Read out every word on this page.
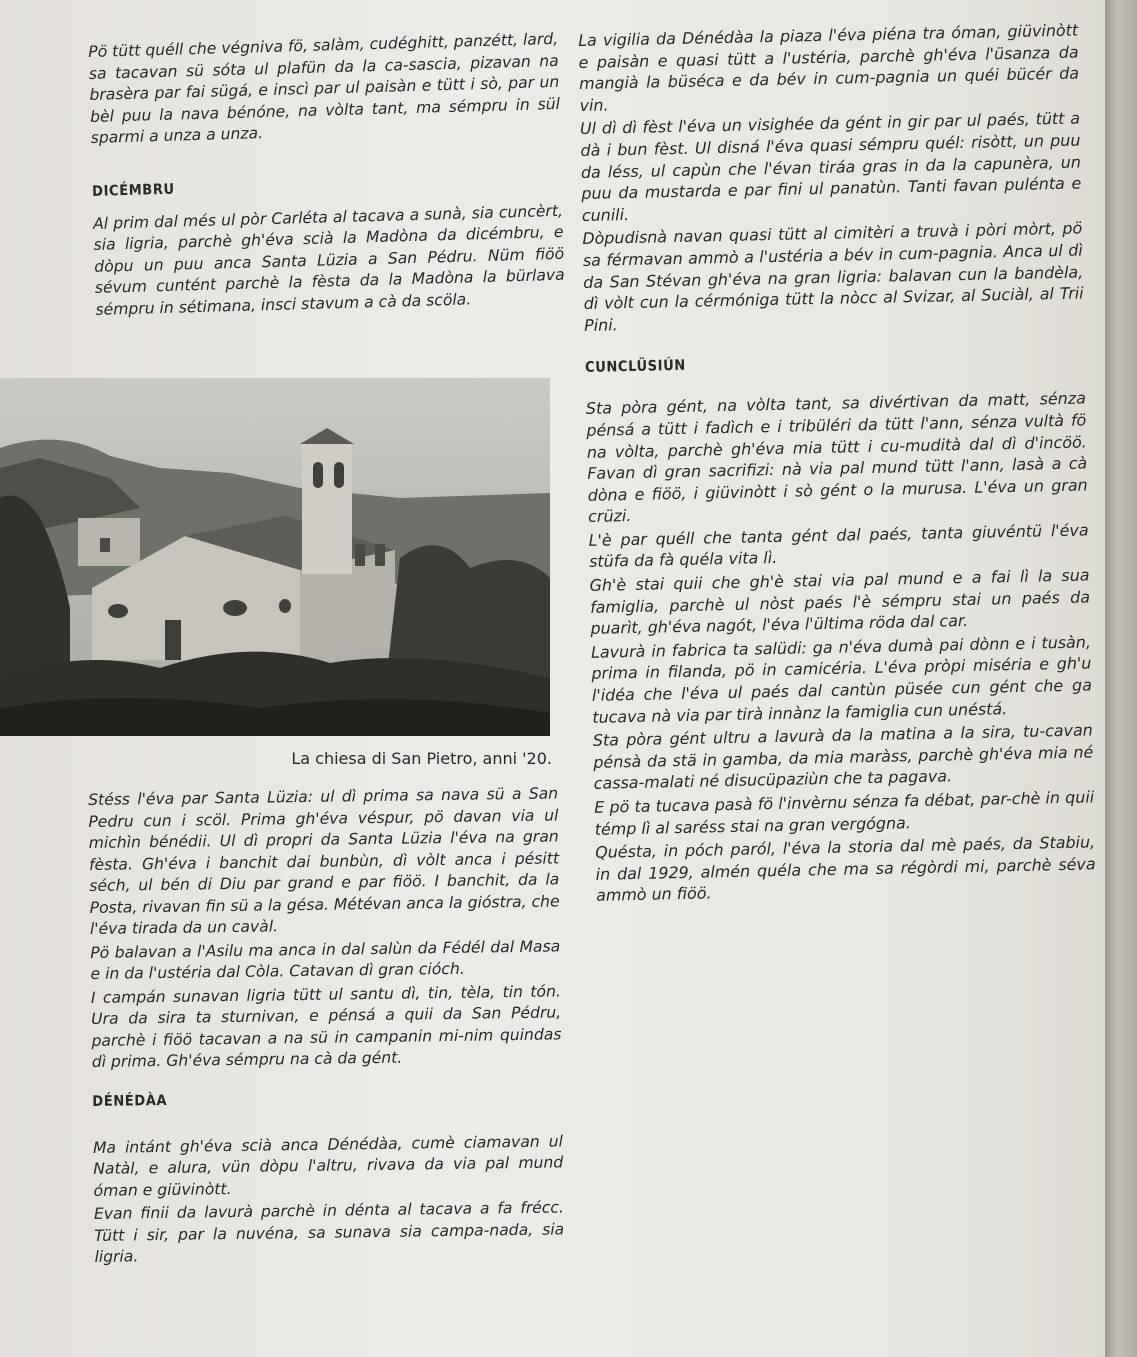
Pö tütt quéll che végniva fö, salàm, cudéghitt, panzétt, lard, sa tacavan sü sóta ul plafün da la ca-sascia, pizavan na brasèra par fai sügá, e inscì par ul paisàn e tütt i sò, par un bèl puu la nava bénóne, na vòlta tant, ma sémpru in sül sparmi a unza a unza.

DICÉMBRU

Al prim dal més ul pòr Carléta al tacava a sunà, sia cuncèrt, sia ligria, parchè gh'éva scià la Madòna da dicémbru, e dòpu un puu anca Santa Lüzia a San Pédru. Nüm fiöö sévum cuntént parchè la fèsta da la Madòna la bürlava sémpru in sétimana, insci stavum a cà da scöla.

La chiesa di San Pietro, anni '20.

Stéss l'éva par Santa Lüzia: ul dì prima sa nava sü a San Pedru cun i scöl. Prima gh'éva véspur, pö davan via ul michìn bénédii. Ul dì propri da Santa Lüzia l'éva na gran fèsta. Gh'éva i banchit dai bunbùn, dì vòlt anca i pésitt séch, ul bén di Diu par grand e par fiöö. I banchit, da la Posta, rivavan fin sü a la gésa. Métévan anca la gióstra, che l'éva tirada da un cavàl.

Pö balavan a l'Asilu ma anca in dal salùn da Fédél dal Masa e in da l'ustéria dal Còla. Catavan dì gran cióch.

I campán sunavan ligria tütt ul santu dì, tin, tèla, tin tón. Ura da sira ta sturnivan, e pénsá a quii da San Pédru, parchè i fiöö tacavan a na sü in campanin mi-nim quindas dì prima. Gh'éva sémpru na cà da gént.

DÉNÉDÀA

Ma intánt gh'éva scià anca Dénédàa, cumè ciamavan ul Natàl, e alura, vün dòpu l'altru, rivava da via pal mund óman e giüvinòtt.

Evan finii da lavurà parchè in dénta al tacava a fa frécc. Tütt i sir, par la nuvéna, sa sunava sia campa-nada, sia ligria.

La vigilia da Dénédàa la piaza l'éva piéna tra óman, giüvinòtt e paisàn e quasi tütt a l'ustéria, parchè gh'éva l'üsanza da mangià la büséca e da bév in cum-pagnia un quéi bücér da vin.

Ul dì dì fèst l'éva un visighée da gént in gir par ul paés, tütt a dà i bun fèst. Ul disná l'éva quasi sémpru quél: risòtt, un puu da léss, ul capùn che l'évan tiráa gras in da la capunèra, un puu da mustarda e par fini ul panatùn. Tanti favan pulénta e cunili.

Dòpudisnà navan quasi tütt al cimitèri a truvà i pòri mòrt, pö sa férmavan ammò a l'ustéria a bév in cum-pagnia. Anca ul dì da San Stévan gh'éva na gran ligria: balavan cun la bandèla, dì vòlt cun la cérmóniga tütt la nòcc al Svizar, al Suciàl, al Trii Pini.

CUNCLÜSIÚN

Sta pòra gént, na vòlta tant, sa divértivan da matt, sénza pénsá a tütt i fadìch e i tribüléri da tütt l'ann, sénza vultà fö na vòlta, parchè gh'éva mia tütt i cu-mudità dal dì d'incöö. Favan dì gran sacrifizi: nà via pal mund tütt l'ann, lasà a cà dòna e fiöö, i giüvinòtt i sò gént o la murusa. L'éva un gran crüzi.

L'è par quéll che tanta gént dal paés, tanta giuvéntü l'éva stüfa da fà quéla vita lì.

Gh'è stai quii che gh'è stai via pal mund e a fai lì la sua famiglia, parchè ul nòst paés l'è sémpru stai un paés da puarìt, gh'éva nagót, l'éva l'ültima röda dal car.

Lavurà in fabrica ta salüdi: ga n'éva dumà pai dònn e i tusàn, prima in filanda, pö in camicéria. L'éva pròpi miséria e gh'u l'idéa che l'éva ul paés dal cantùn püsée cun gént che ga tucava nà via par tirà innànz la famiglia cun unéstá.

Sta pòra gént ultru a lavurà da la matina a la sira, tu-cavan pénsà da stä in gamba, da mia maràss, parchè gh'éva mia né cassa-malati né disucüpaziùn che ta pagava.

E pö ta tucava pasà fö l'invèrnu sénza fa débat, par-chè in quii témp lì al saréss stai na gran vergógna.

Quésta, in póch paról, l'éva la storia dal mè paés, da Stabiu, in dal 1929, almén quéla che ma sa régòrdi mi, parchè séva ammò un fiöö.
